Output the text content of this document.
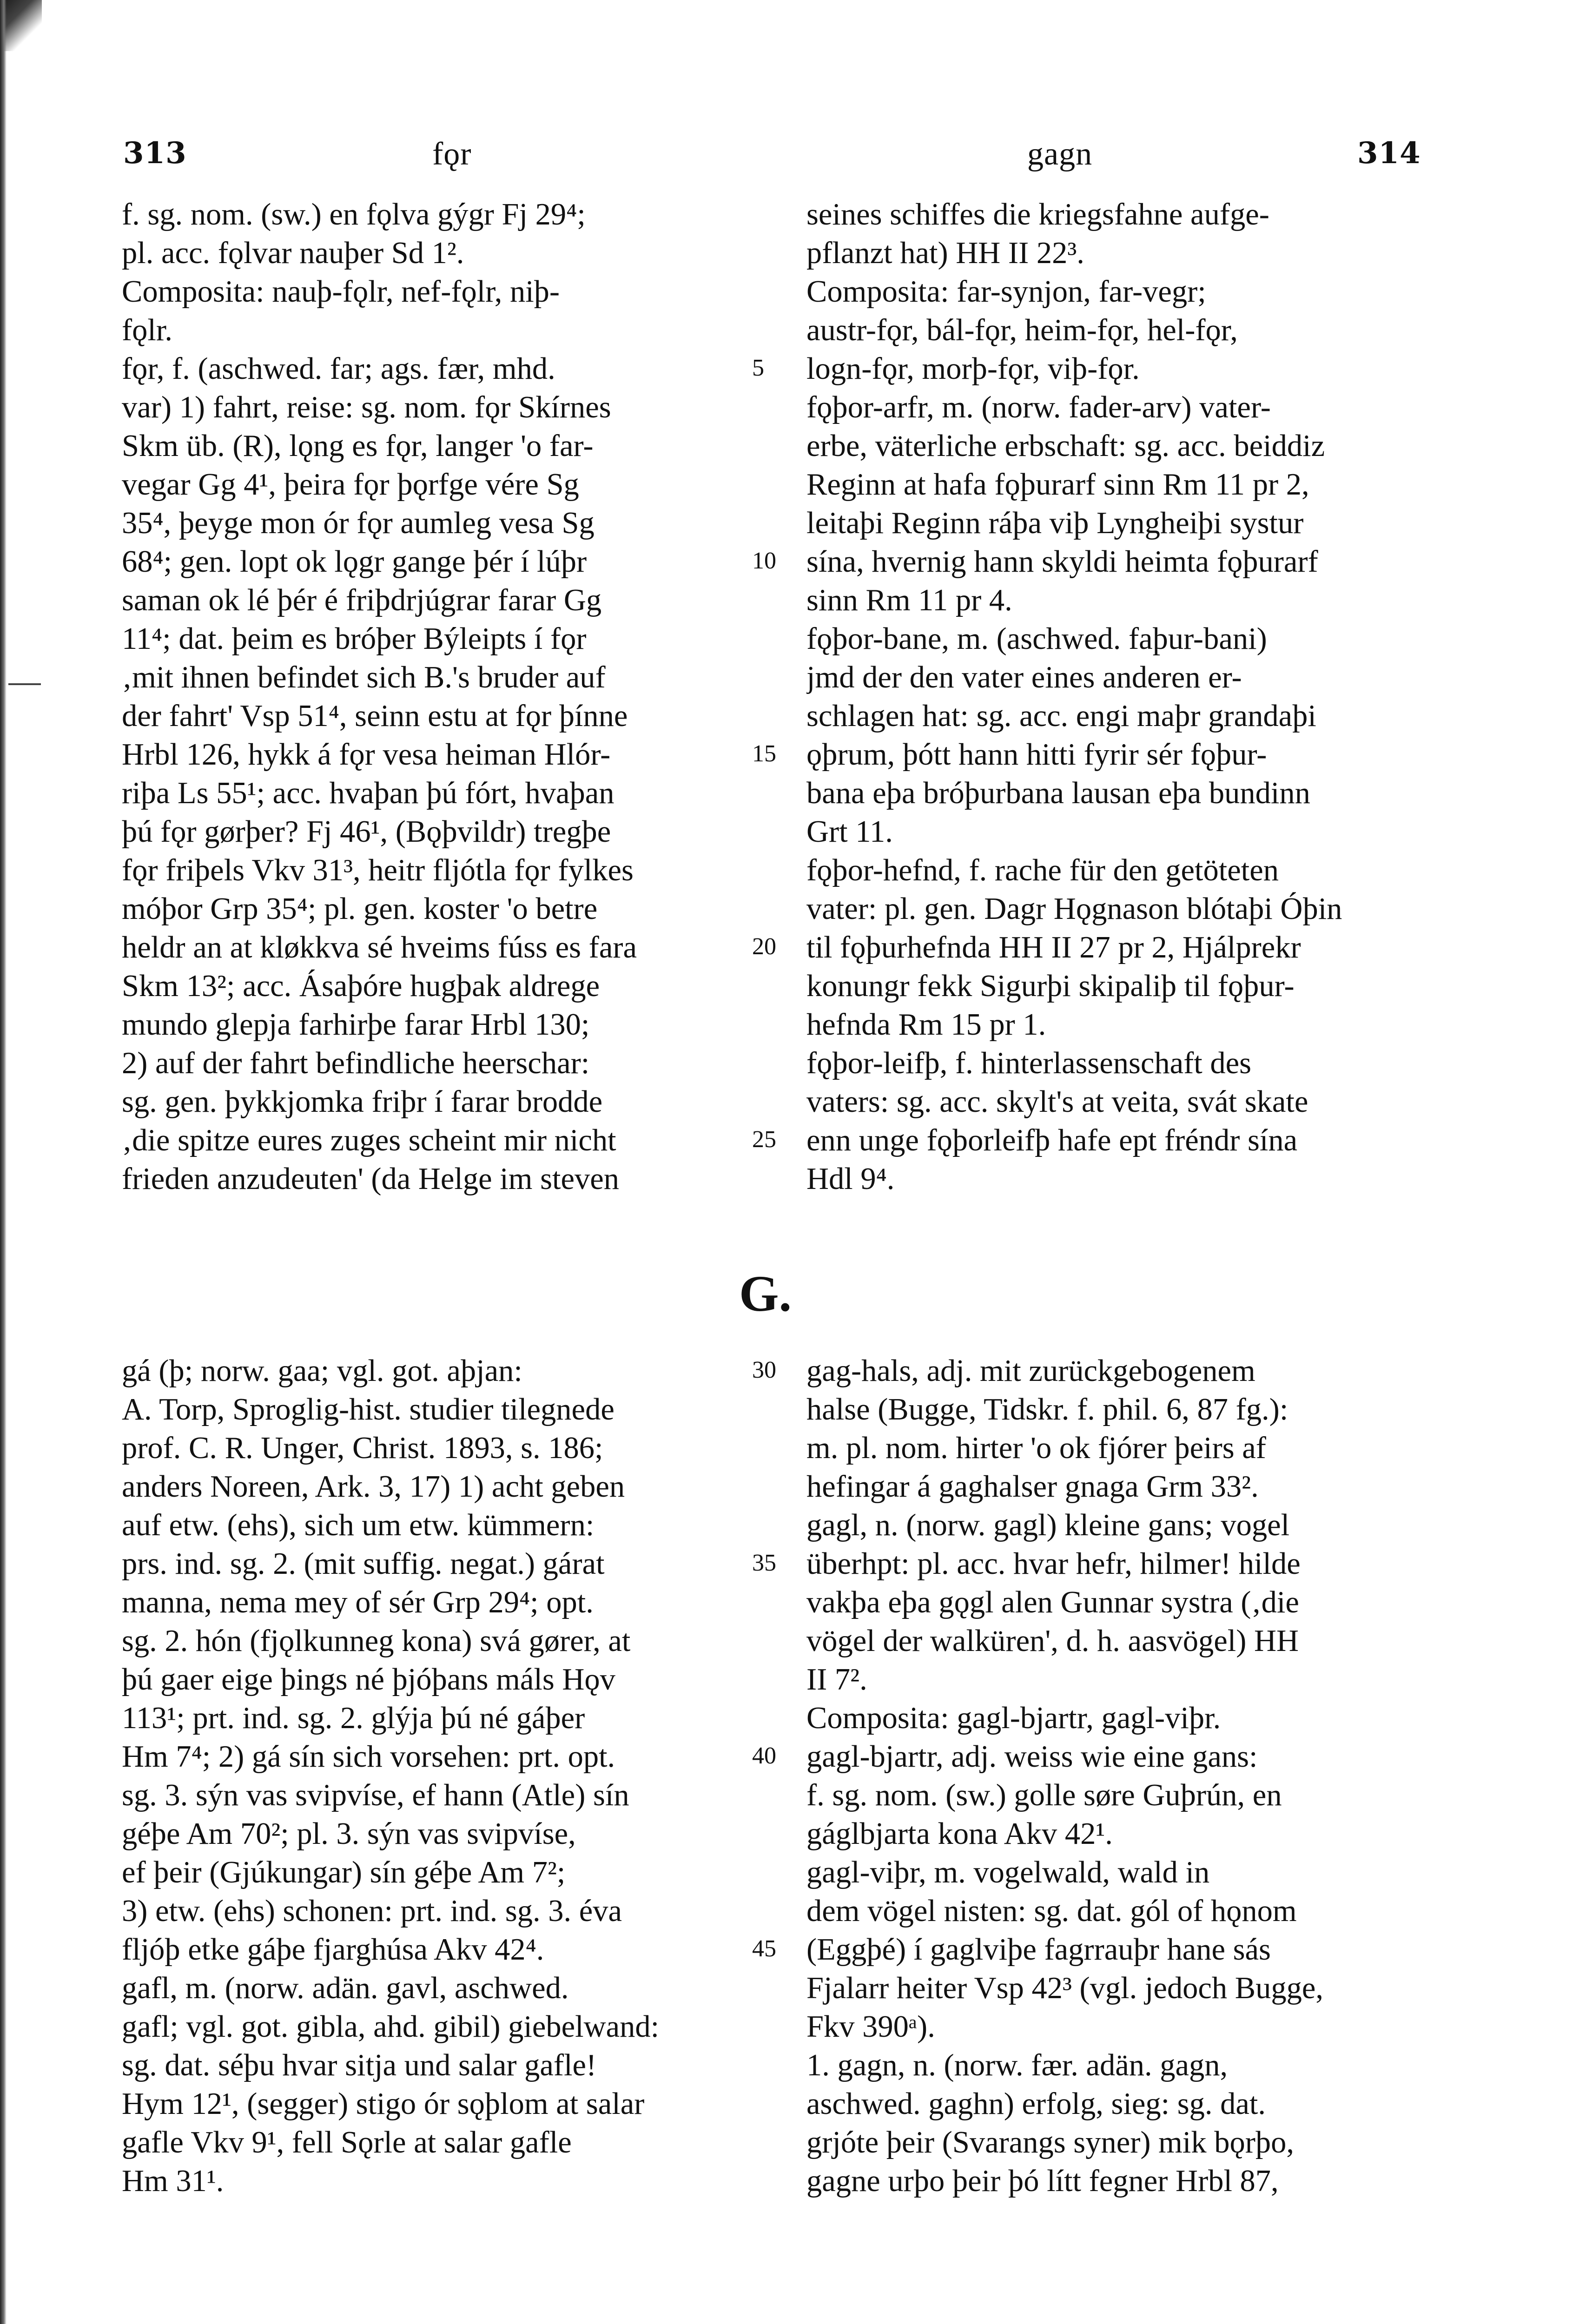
313	fǫr	gagn	314
f. sg. nom. (sw.) en fǫlva gýgr Fj 29⁴;
pl. acc. fǫlvar nauþer Sd 1².
Composita: nauþ-fǫlr, nef-fǫlr, niþ-
fǫlr.
fǫr, f. (aschwed. far; ags. fær, mhd.
var) 1) fahrt, reise: sg. nom. fǫr Skírnes
Skm üb. (R), lǫng es fǫr, langer 'o far-
vegar Gg 4¹, þeira fǫr þǫrfge vére Sg
35⁴, þeyge mon ór fǫr aumleg vesa Sg
68⁴; gen. lopt ok lǫgr gange þér í lúþr
saman ok lé þér é friþdrjúgrar farar Gg
11⁴; dat. þeim es bróþer Býleipts í fǫr
‚mit ihnen befindet sich B.'s bruder auf
der fahrt' Vsp 51⁴, seinn estu at fǫr þínne
Hrbl 126, hykk á fǫr vesa heiman Hlór-
riþa Ls 55¹; acc. hvaþan þú fórt, hvaþan
þú fǫr gørþer? Fj 46¹, (Bǫþvildr) tregþe
fǫr friþels Vkv 31³, heitr fljótla fǫr fylkes
móþor Grp 35⁴; pl. gen. koster 'o betre
heldr an at kløkkva sé hveims fúss es fara
Skm 13²; acc. Ásaþóre hugþak aldrege
mundo glepja farhirþe farar Hrbl 130;
2) auf der fahrt befindliche heerschar:
sg. gen. þykkjomka friþr í farar brodde
‚die spitze eures zuges scheint mir nicht
frieden anzudeuten' (da Helge im steven
seines schiffes die kriegsfahne aufge-
pflanzt hat) HH II 22³.
Composita: far-synjon, far-vegr;
austr-fǫr, bál-fǫr, heim-fǫr, hel-fǫr,
logn-fǫr, morþ-fǫr, viþ-fǫr.
fǫþor-arfr, m. (norw. fader-arv) vater-
erbe, väterliche erbschaft: sg. acc. beiddiz
Reginn at hafa fǫþurarf sinn Rm 11 pr 2,
leitaþi Reginn ráþa viþ Lyngheiþi systur
sína, hvernig hann skyldi heimta fǫþurarf
sinn Rm 11 pr 4.
fǫþor-bane, m. (aschwed. faþur-bani)
jmd der den vater eines anderen er-
schlagen hat: sg. acc. engi maþr grandaþi
ǫþrum, þótt hann hitti fyrir sér fǫþur-
bana eþa bróþurbana lausan eþa bundinn
Grt 11.
fǫþor-hefnd, f. rache für den getöteten
vater: pl. gen. Dagr Hǫgnason blótaþi Óþin
til fǫþurhefnda HH II 27 pr 2, Hjálprekr
konungr fekk Sigurþi skipaliþ til fǫþur-
hefnda Rm 15 pr 1.
fǫþor-leifþ, f. hinterlassenschaft des
vaters: sg. acc. skylt's at veita, svát skate
enn unge fǫþorleifþ hafe ept fréndr sína
Hdl 9⁴.
G.
gá (þ; norw. gaa; vgl. got. aþjan:
A. Torp, Sproglig-hist. studier tilegnede
prof. C. R. Unger, Christ. 1893, s. 186;
anders Noreen, Ark. 3, 17) 1) acht geben
auf etw. (ehs), sich um etw. kümmern:
prs. ind. sg. 2. (mit suffig. negat.) gárat
manna, nema mey of sér Grp 29⁴; opt.
sg. 2. hón (fjǫlkunneg kona) svá gører, at
þú gaer eige þings né þjóþans máls Hǫv
113¹; prt. ind. sg. 2. glýja þú né gáþer
Hm 7⁴; 2) gá sín sich vorsehen: prt. opt.
sg. 3. sýn vas svipvíse, ef hann (Atle) sín
géþe Am 70²; pl. 3. sýn vas svipvíse,
ef þeir (Gjúkungar) sín géþe Am 7²;
3) etw. (ehs) schonen: prt. ind. sg. 3. éva
fljóþ etke gáþe fjarghúsa Akv 42⁴.
gafl, m. (norw. adän. gavl, aschwed.
gafl; vgl. got. gibla, ahd. gibil) giebelwand:
sg. dat. séþu hvar sitja und salar gafle!
Hym 12¹, (segger) stigo ór sǫþlom at salar
gafle Vkv 9¹, fell Sǫrle at salar gafle
Hm 31¹.
gag-hals, adj. mit zurückgebogenem
halse (Bugge, Tidskr. f. phil. 6, 87 fg.):
m. pl. nom. hirter 'o ok fjórer þeirs af
hefingar á gaghalser gnaga Grm 33².
gagl, n. (norw. gagl) kleine gans; vogel
überhpt: pl. acc. hvar hefr, hilmer! hilde
vakþa eþa gǫgl alen Gunnar systra (‚die
vögel der walküren', d. h. aasvögel) HH
II 7².
Composita: gagl-bjartr, gagl-viþr.
gagl-bjartr, adj. weiss wie eine gans:
f. sg. nom. (sw.) golle søre Guþrún, en
gáglbjarta kona Akv 42¹.
gagl-viþr, m. vogelwald, wald in
dem vögel nisten: sg. dat. gól of hǫnom
(Eggþé) í gaglviþe fagrrauþr hane sás
Fjalarr heiter Vsp 42³ (vgl. jedoch Bugge,
Fkv 390ᵃ).
1. gagn, n. (norw. fær. adän. gagn,
aschwed. gaghn) erfolg, sieg: sg. dat.
grjóte þeir (Svarangs syner) mik bǫrþo,
gagne urþo þeir þó lítt fegner Hrbl 87,
5
10
15
20
25
30
35
40
45
